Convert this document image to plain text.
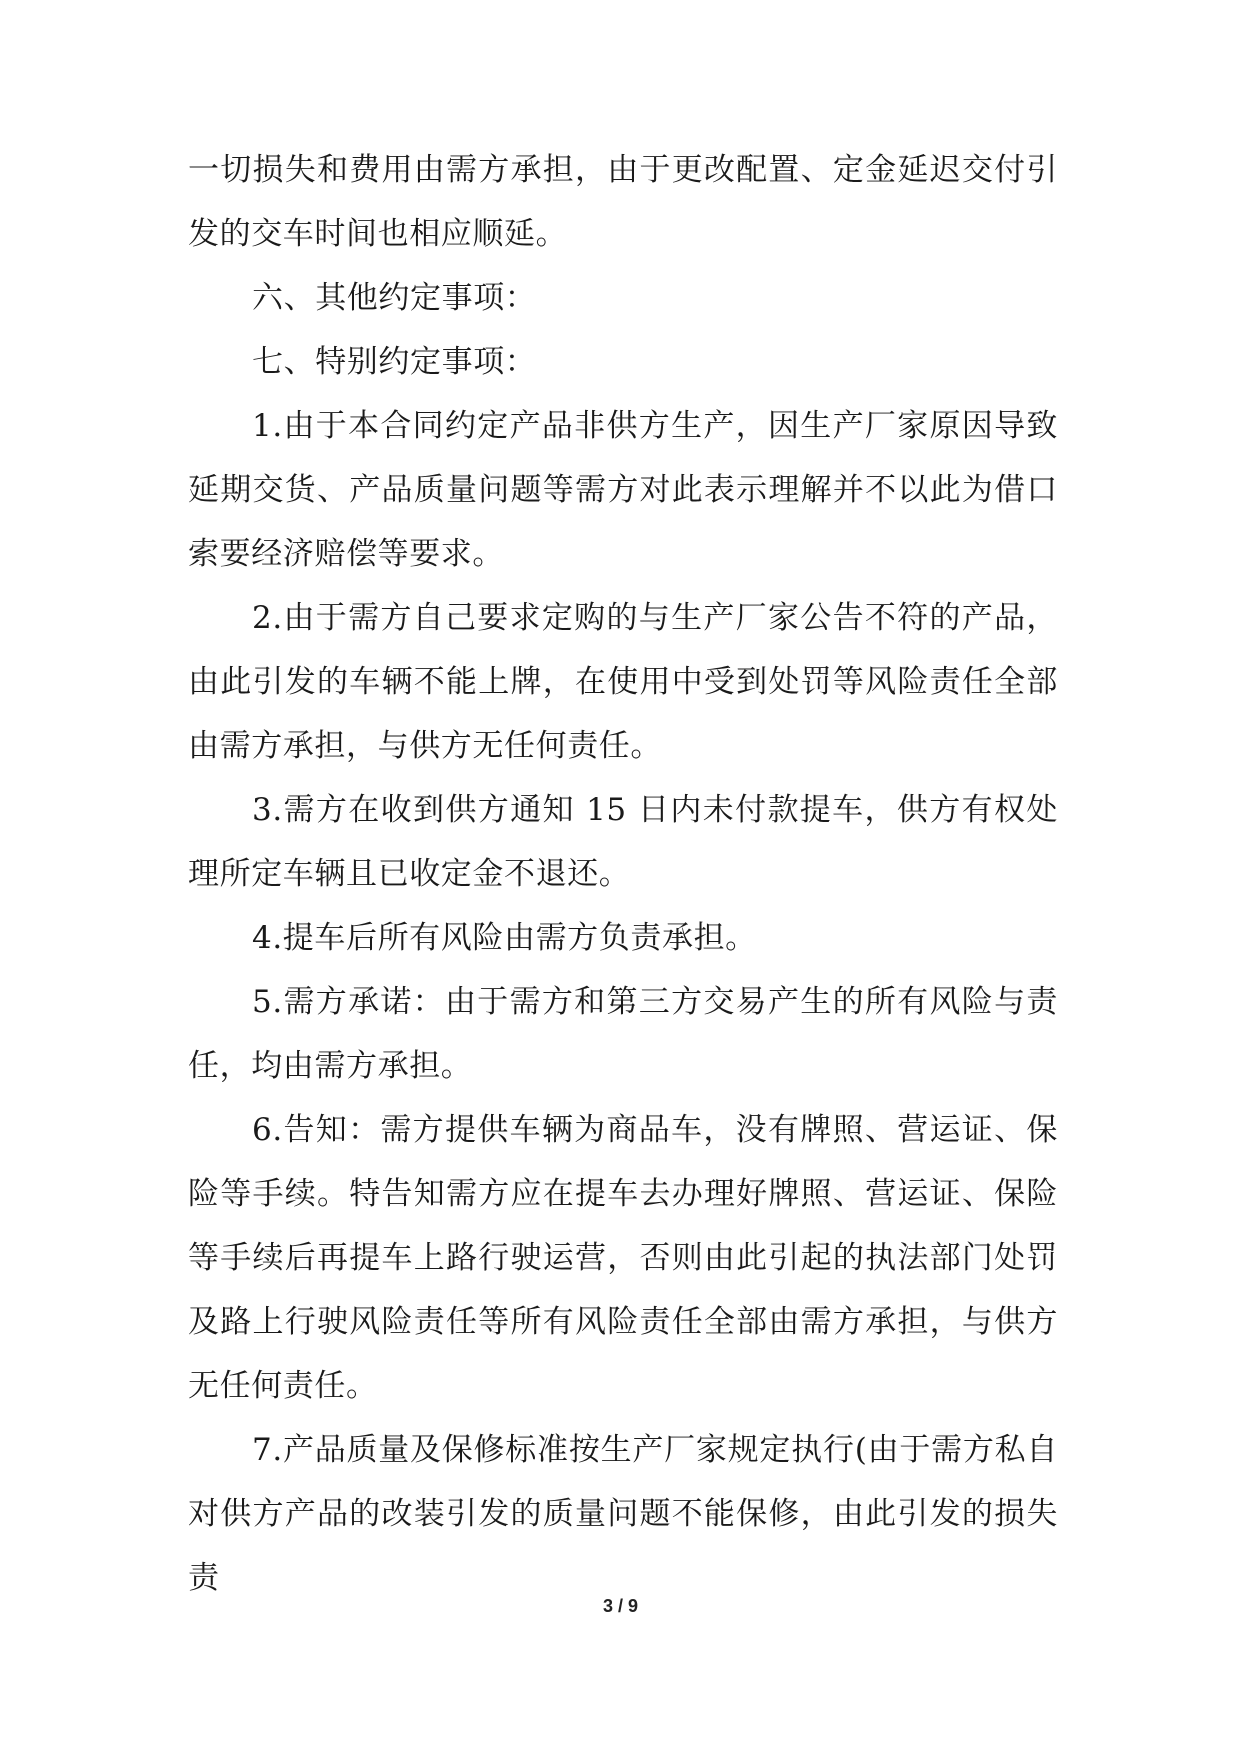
一切损失和费用由需方承担，由于更改配置、定金延迟交付引发的交车时间也相应顺延。

六、其他约定事项：

七、特别约定事项：

1.由于本合同约定产品非供方生产，因生产厂家原因导致延期交货、产品质量问题等需方对此表示理解并不以此为借口索要经济赔偿等要求。

2.由于需方自己要求定购的与生产厂家公告不符的产品，由此引发的车辆不能上牌，在使用中受到处罚等风险责任全部由需方承担，与供方无任何责任。

3.需方在收到供方通知 15 日内未付款提车，供方有权处理所定车辆且已收定金不退还。

4.提车后所有风险由需方负责承担。

5.需方承诺：由于需方和第三方交易产生的所有风险与责任，均由需方承担。

6.告知：需方提供车辆为商品车，没有牌照、营运证、保险等手续。特告知需方应在提车去办理好牌照、营运证、保险等手续后再提车上路行驶运营，否则由此引起的执法部门处罚及路上行驶风险责任等所有风险责任全部由需方承担，与供方无任何责任。

7.产品质量及保修标准按生产厂家规定执行(由于需方私自对供方产品的改装引发的质量问题不能保修，由此引发的损失责

3 / 9
